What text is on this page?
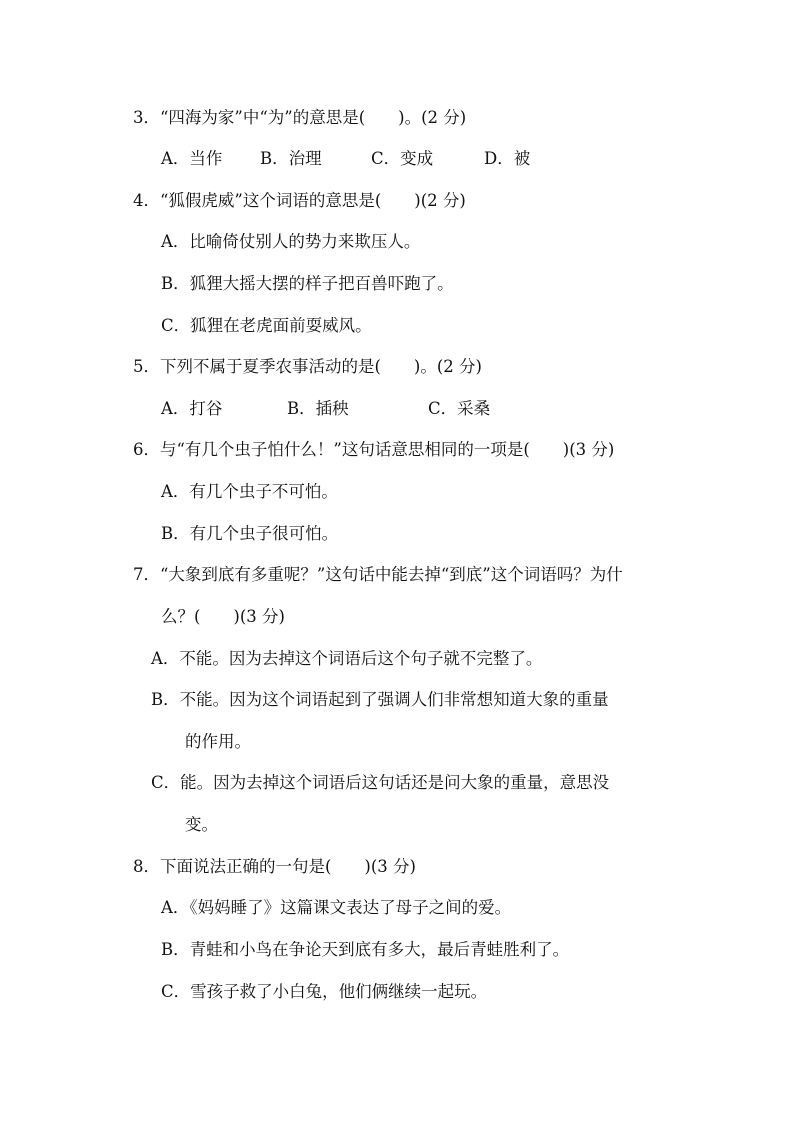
3．“四海为家”中“为”的意思是(　　)。(2 分)
A．当作 B．治理	C．变成	D．被
4．“狐假虎威”这个词语的意思是(　　)(2 分)
A．比喻倚仗别人的势力来欺压人。
B．狐狸大摇大摆的样子把百兽吓跑了。
C．狐狸在老虎面前耍威风。
5．下列不属于夏季农事活动的是(　　)。(2 分)
A．打谷	B．插秧	C．采桑
6．与“有几个虫子怕什么！”这句话意思相同的一项是(　　)(3 分)
A．有几个虫子不可怕。
B．有几个虫子很可怕。
7．“大象到底有多重呢？”这句话中能去掉“到底”这个词语吗？为什
么？(　　)(3 分)
A．不能。因为去掉这个词语后这个句子就不完整了。
B．不能。因为这个词语起到了强调人们非常想知道大象的重量
的作用。
C．能。因为去掉这个词语后这句话还是问大象的重量，意思没
变。
8．下面说法正确的一句是(　　)(3 分)
A．《妈妈睡了》这篇课文表达了母子之间的爱。
B．青蛙和小鸟在争论天到底有多大，最后青蛙胜利了。
C．雪孩子救了小白兔，他们俩继续一起玩。
